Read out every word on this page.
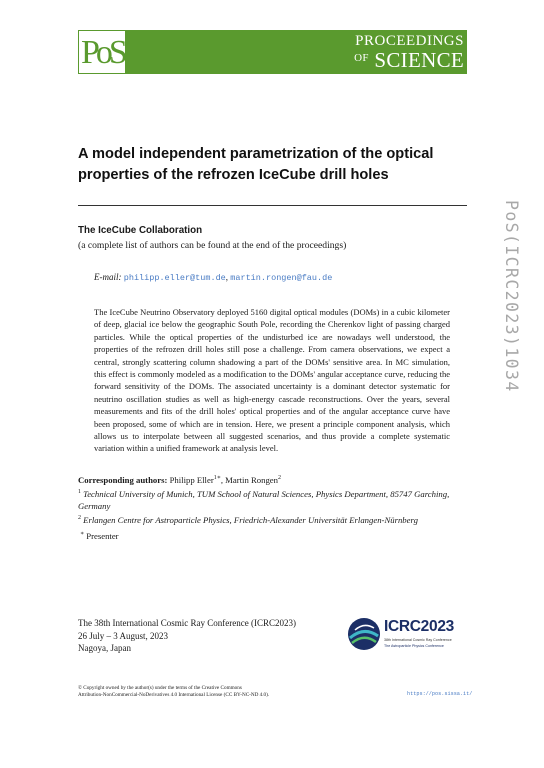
PoS	PROCEEDINGS
$^{OF}$ SCIENCE
A model independent parametrization of the optical properties of the refrozen IceCube drill holes
The IceCube Collaboration
(a complete list of authors can be found at the end of the proceedings)
E-mail: philipp.eller@tum.de, martin.rongen@fau.de
The IceCube Neutrino Observatory deployed 5160 digital optical modules (DOMs) in a cubic kilometer of deep, glacial ice below the geographic South Pole, recording the Cherenkov light of passing charged particles. While the optical properties of the undisturbed ice are nowadays well understood, the properties of the refrozen drill holes still pose a challenge. From camera observations, we expect a central, strongly scattering column shadowing a part of the DOMs' sensitive area. In MC simulation, this effect is commonly modeled as a modification to the DOMs' angular acceptance curve, reducing the forward sensitivity of the DOMs. The associated uncertainty is a dominant detector systematic for neutrino oscillation studies as well as high-energy cascade reconstructions. Over the years, several measurements and fits of the drill holes' optical properties and of the angular acceptance curve have been proposed, some of which are in tension. Here, we present a principle component analysis, which allows us to interpolate between all suggested scenarios, and thus provide a complete systematic variation within a unified framework at analysis level.
Corresponding authors: Philipp Eller$^{1∗}$, Martin Rongen$^2$
$^1$ Technical University of Munich, TUM School of Natural Sciences, Physics Department, 85747 Garching, Germany
$^2$ Erlangen Centre for Astroparticle Physics, Friedrich-Alexander Universität Erlangen-Nürnberg
∗ Presenter
The 38th International Cosmic Ray Conference (ICRC2023)
26 July – 3 August, 2023
Nagoya, Japan
ICRC2023
38th International Cosmic Ray Conference
The Astroparticle Physics Conference
© Copyright owned by the author(s) under the terms of the Creative Commons
Attribution-NonCommercial-NoDerivatives 4.0 International License (CC BY-NC-ND 4.0).	https://pos.sissa.it/
PoS(ICRC2023)1034
